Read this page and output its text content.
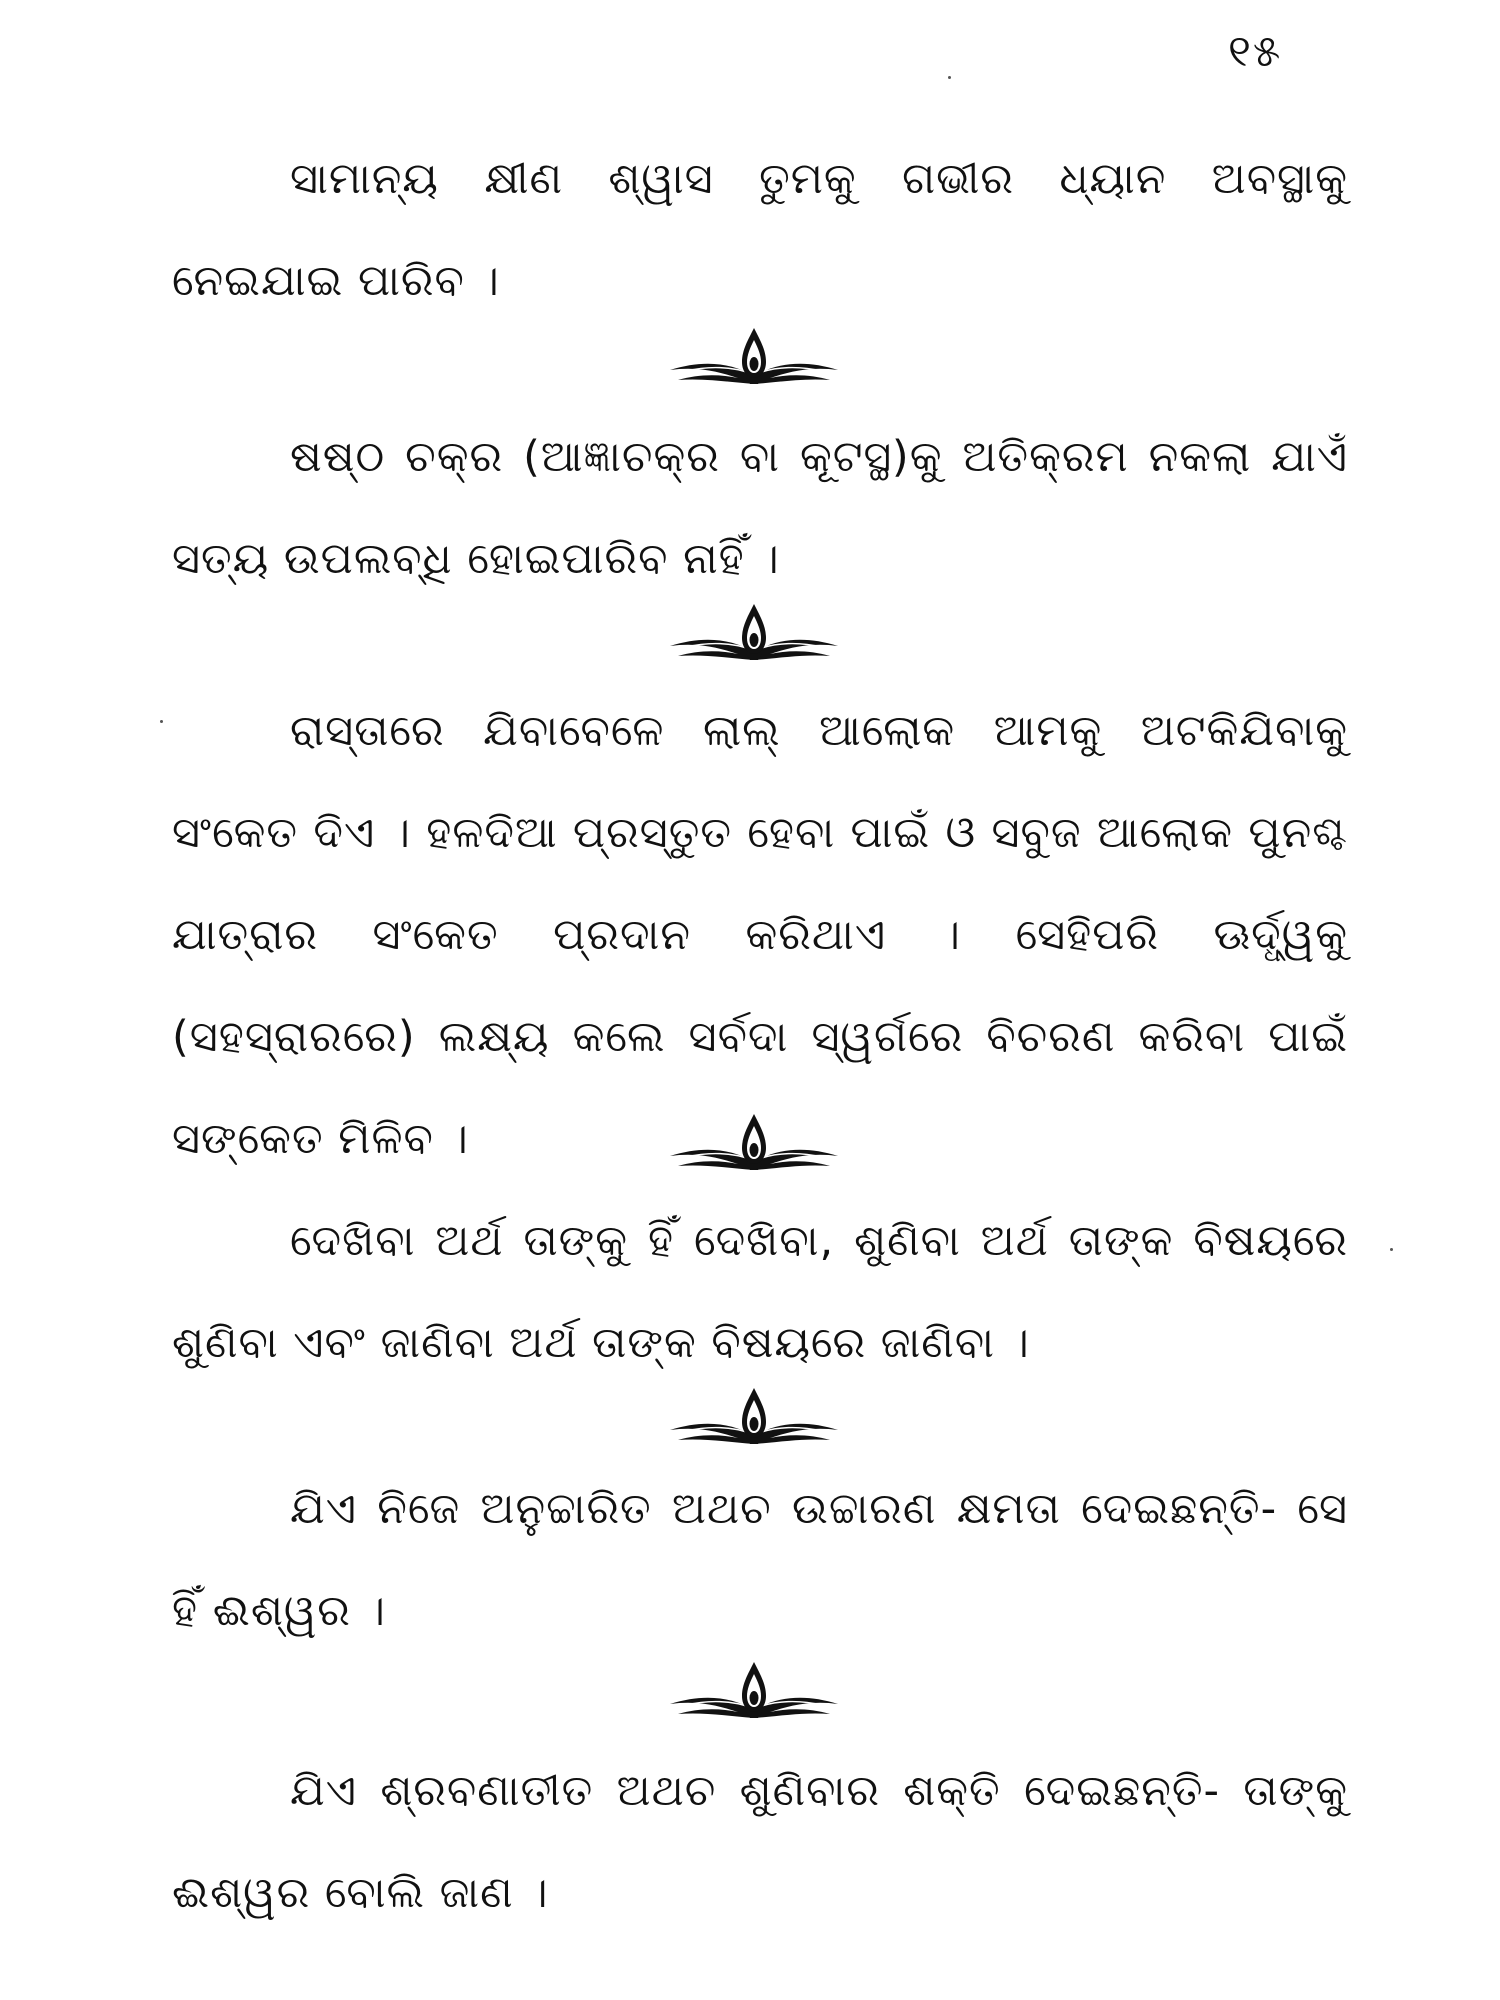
୧୫

ସାମାନ୍ୟ କ୍ଷୀଣ ଶ୍ୱାସ ତୁମକୁ ଗଭୀର ଧ୍ୟାନ ଅବସ୍ଥାକୁ ନେଇଯାଇ ପାରିବ ।

ଷଷ୍ଠ ଚକ୍ର (ଆଜ୍ଞାଚକ୍ର ବା କୂଟସ୍ଥ)କୁ ଅତିକ୍ରମ ନକଲା ଯାଏଁ ସତ୍ୟ ଉପଲବ୍ଧି ହୋଇପାରିବ ନାହିଁ ।

ରାସ୍ତାରେ ଯିବାବେଳେ ଲାଲ୍ ଆଲୋକ ଆମକୁ ଅଟକିଯିବାକୁ ସଂକେତ ଦିଏ । ହଳଦିଆ ପ୍ରସ୍ତୁତ ହେବା ପାଇଁ ଓ ସବୁଜ ଆଲୋକ ପୁନଶ୍ଚ ଯାତ୍ରାର ସଂକେତ ପ୍ରଦାନ କରିଥାଏ । ସେହିପରି ଊର୍ଦ୍ଧ୍ୱକୁ (ସହସ୍ରାରରେ) ଲକ୍ଷ୍ୟ କଲେ ସର୍ବଦା ସ୍ୱର୍ଗରେ ବିଚରଣ କରିବା ପାଇଁ ସଙ୍କେତ ମିଳିବ ।

ଦେଖିବା ଅର୍ଥ ତାଙ୍କୁ ହିଁ ଦେଖିବା, ଶୁଣିବା ଅର୍ଥ ତାଙ୍କ ବିଷୟରେ ଶୁଣିବା ଏବଂ ଜାଣିବା ଅର୍ଥ ତାଙ୍କ ବିଷୟରେ ଜାଣିବା ।

ଯିଏ ନିଜେ ଅନୁଚ୍ଚାରିତ ଅଥଚ ଉଚ୍ଚାରଣ କ୍ଷମତା ଦେଇଛନ୍ତି- ସେ ହିଁ ଈଶ୍ୱର ।

ଯିଏ ଶ୍ରବଣାତୀତ ଅଥଚ ଶୁଣିବାର ଶକ୍ତି ଦେଇଛନ୍ତି- ତାଙ୍କୁ ଈଶ୍ୱର ବୋଲି ଜାଣ ।
